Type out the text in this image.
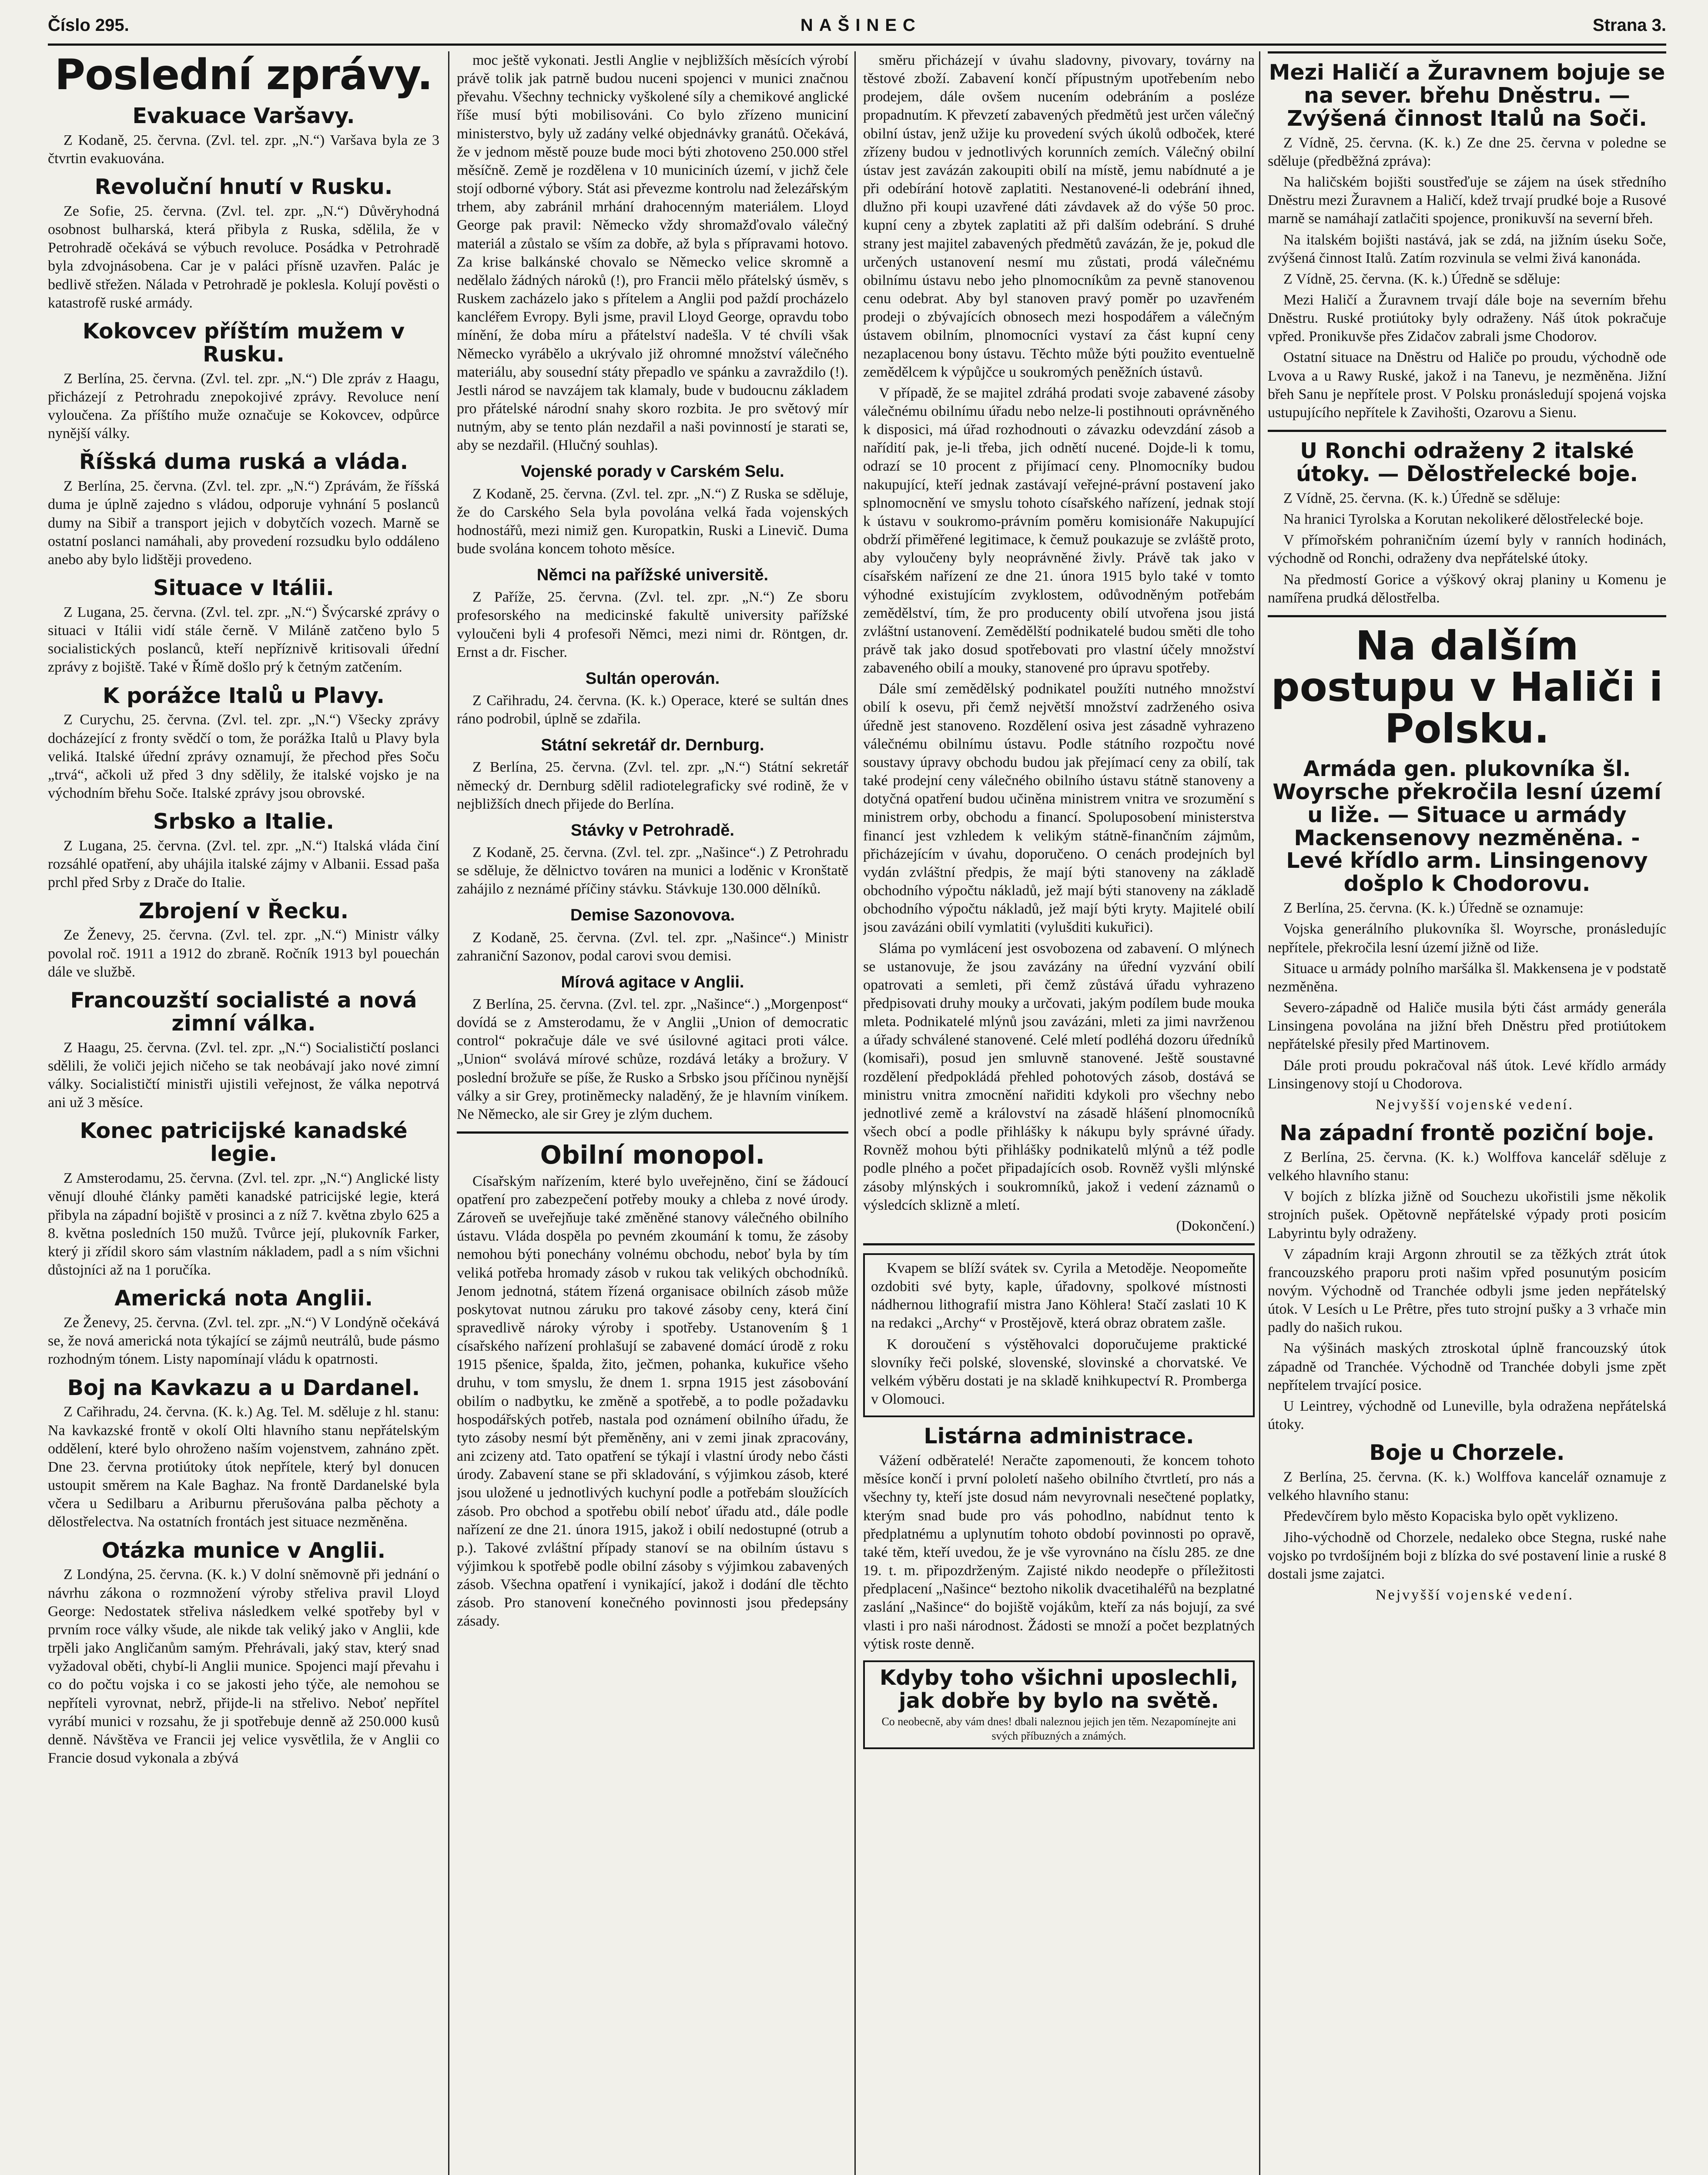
Číslo 295.	NAŠINEC	Strana 3.
Poslední zprávy.
Evakuace Varšavy.

Z Kodaně, 25. června. (Zvl. tel. zpr. „N.“) Varšava byla ze 3 čtvrtin evakuována.

Revoluční hnutí v Rusku.

Ze Sofie, 25. června. (Zvl. tel. zpr. „N.“) Důvěryhodná osobnost bulharská, která přibyla z Ruska, sdělila, že v Petrohradě očekává se výbuch revoluce. Posádka v Petrohradě byla zdvojnásobena. Car je v paláci přísně uzavřen. Palác je bedlivě střežen. Nálada v Petrohradě je poklesla. Kolují pověsti o katastrofě ruské armády.

Kokovcev příštím mužem v Rusku.

Z Berlína, 25. června. (Zvl. tel. zpr. „N.“) Dle zpráv z Haagu, přicházejí z Petrohradu znepokojivé zprávy. Revoluce není vyloučena. Za příštího muže označuje se Kokovcev, odpůrce nynější války.

Říšská duma ruská a vláda.

Z Berlína, 25. června. (Zvl. tel. zpr. „N.“) Zprávám, že říšská duma je úplně zajedno s vládou, odporuje vyhnání 5 poslanců dumy na Sibiř a transport jejich v dobytčích vozech. Marně se ostatní poslanci namáhali, aby provedení rozsudku bylo oddáleno anebo aby bylo lidštěji provedeno.

Situace v Itálii.

Z Lugana, 25. června. (Zvl. tel. zpr. „N.“) Švýcarské zprávy o situaci v Itálii vidí stále černě. V Miláně zatčeno bylo 5 socialistických poslanců, kteří nepříznivě kritisovali úřední zprávy z bojiště. Také v Římě došlo prý k četným zatčením.

K porážce Italů u Plavy.

Z Curychu, 25. června. (Zvl. tel. zpr. „N.“) Všecky zprávy docházející z fronty svědčí o tom, že porážka Italů u Plavy byla veliká. Italské úřední zprávy oznamují, že přechod přes Soču „trvá“, ačkoli už před 3 dny sdělily, že italské vojsko je na východním břehu Soče. Italské zprávy jsou obrovské.

Srbsko a Italie.

Z Lugana, 25. června. (Zvl. tel. zpr. „N.“) Italská vláda činí rozsáhlé opatření, aby uhájila italské zájmy v Albanii. Essad paša prchl před Srby z Drače do Italie.

Zbrojení v Řecku.

Ze Ženevy, 25. června. (Zvl. tel. zpr. „N.“) Ministr války povolal roč. 1911 a 1912 do zbraně. Ročník 1913 byl pouechán dále ve službě.

Francouzští socialisté a nová zimní válka.

Z Haagu, 25. června. (Zvl. tel. zpr. „N.“) Socialističtí poslanci sdělili, že voliči jejich ničeho se tak neobávají jako nové zimní války. Socialističtí ministři ujistili veřejnost, že válka nepotrvá ani už 3 měsíce.

Konec patricijské kanadské legie.

Z Amsterodamu, 25. června. (Zvl. tel. zpr. „N.“) Anglické listy věnují dlouhé články paměti kanadské patricijské legie, která přibyla na západní bojiště v prosinci a z níž 7. května zbylo 625 a 8. května posledních 150 mužů. Tvůrce její, plukovník Farker, který ji zřídil skoro sám vlastním nákladem, padl a s ním všichni důstojníci až na 1 poručíka.

Americká nota Anglii.

Ze Ženevy, 25. června. (Zvl. tel. zpr. „N.“) V Londýně očekává se, že nová americká nota týkající se zájmů neutrálů, bude pásmo rozhodným tónem. Listy napomínají vládu k opatrnosti.

Boj na Kavkazu a u Dardanel.

Z Cařihradu, 24. června. (K. k.) Ag. Tel. M. sděluje z hl. stanu: Na kavkazské frontě v okolí Olti hlavního stanu nepřátelským oddělení, které bylo ohroženo naším vojenstvem, zahnáno zpět. Dne 23. června protiútoky útok nepřítele, který byl donucen ustoupit směrem na Kale Baghaz. Na frontě Dardanelské byla včera u Sedilbaru a Ariburnu přerušována palba pěchoty a dělostřelectva. Na ostatních frontách jest situace nezměněna.

Otázka munice v Anglii.

Z Londýna, 25. června. (K. k.) V dolní sněmovně při jednání o návrhu zákona o rozmnožení výroby střeliva pravil Lloyd George: Nedostatek střeliva následkem velké spotřeby byl v prvním roce války všude, ale nikde tak veliký jako v Anglii, kde trpěli jako Angličanům samým. Přehrávali, jaký stav, který snad vyžadoval oběti, chybí-li Anglii munice. Spojenci mají převahu i co do počtu vojska i co se jakosti jeho týče, ale nemohou se nepříteli vyrovnat, nebrž, přijde-li na střelivo. Neboť nepřítel vyrábí munici v rozsahu, že ji spotřebuje denně až 250.000 kusů denně. Návštěva ve Francii jej velice vysvětlila, že v Anglii co Francie dosud vykonala a zbývá

moc ještě vykonati. Jestli Anglie v nejbližších měsících výrobí právě tolik jak patrně budou nuceni spojenci v munici značnou převahu. Všechny technicky vyškolené síly a chemikové anglické říše musí býti mobilisováni. Co bylo zřízeno municiní ministerstvo, byly už zadány velké objednávky granátů. Očekává, že v jednom městě pouze bude moci býti zhotoveno 250.000 střel měsíčně. Země je rozdělena v 10 municiních území, v jichž čele stojí odborné výbory. Stát asi převezme kontrolu nad železářským trhem, aby zabránil mrhání drahocenným materiálem. Lloyd George pak pravil: Německo vždy shromažďovalo válečný materiál a zůstalo se vším za dobře, až byla s přípravami hotovo. Za krise balkánské chovalo se Německo velice skromně a nedělalo žádných nároků (!), pro Francii mělo přátelský úsměv, s Ruskem zacházelo jako s přítelem a Anglii pod paždí procházelo kancléřem Evropy. Byli jsme, pravil Lloyd George, opravdu tobo mínění, že doba míru a přátelství nadešla. V té chvíli však Německo vyrábělo a ukrývalo již ohromné množství válečného materiálu, aby sousední státy přepadlo ve spánku a zavraždilo (!). Jestli národ se navzájem tak klamaly, bude v budoucnu základem pro přátelské národní snahy skoro rozbita. Je pro světový mír nutným, aby se tento plán nezdařil a naši povinností je starati se, aby se nezdařil. (Hlučný souhlas).

Vojenské porady v Carském Selu.

Z Kodaně, 25. června. (Zvl. tel. zpr. „N.“) Z Ruska se sděluje, že do Carského Sela byla povolána velká řada vojenských hodnostářů, mezi nimiž gen. Kuropatkin, Ruski a Linevič. Duma bude svolána koncem tohoto měsíce.

Němci na pařížské universitě.

Z Paříže, 25. června. (Zvl. tel. zpr. „N.“) Ze sboru profesorského na medicinské fakultě university pařížské vyloučeni byli 4 profesoři Němci, mezi nimi dr. Röntgen, dr. Ernst a dr. Fischer.

Sultán operován.

Z Cařihradu, 24. června. (K. k.) Operace, které se sultán dnes ráno podrobil, úplně se zdařila.

Státní sekretář dr. Dernburg.

Z Berlína, 25. června. (Zvl. tel. zpr. „N.“) Státní sekretář německý dr. Dernburg sdělil radiotelegraficky své rodině, že v nejbližších dnech přijede do Berlína.

Stávky v Petrohradě.

Z Kodaně, 25. června. (Zvl. tel. zpr. „Našince“.) Z Petrohradu se sděluje, že dělnictvo továren na munici a loděnic v Kronštatě zahájilo z neznámé příčiny stávku. Stávkuje 130.000 dělníků.

Demise Sazonovova.

Z Kodaně, 25. června. (Zvl. tel. zpr. „Našince“.) Ministr zahraniční Sazonov, podal carovi svou demisi.

Mírová agitace v Anglii.

Z Berlína, 25. června. (Zvl. tel. zpr. „Našince“.) „Morgenpost“ dovídá se z Amsterodamu, že v Anglii „Union of democratic control“ pokračuje dále ve své úsilovné agitaci proti válce. „Union“ svolává mírové schůze, rozdává letáky a brožury. V poslední brožuře se píše, že Rusko a Srbsko jsou příčinou nynější války a sir Grey, protiněmecky naladěný, že je hlavním viníkem. Ne Německo, ale sir Grey je zlým duchem.

Obilní monopol.

Císařským nařízením, které bylo uveřejněno, činí se žádoucí opatření pro zabezpečení potřeby mouky a chleba z nové úrody. Zároveň se uveřejňuje také změněné stanovy válečného obilního ústavu. Vláda dospěla po pevném zkoumání k tomu, že zásoby nemohou býti ponechány volnému obchodu, neboť byla by tím veliká potřeba hromady zásob v rukou tak velikých obchodníků. Jenom jednotná, státem řízená organisace obilních zásob může poskytovat nutnou záruku pro takové zásoby ceny, která činí spravedlivě nároky výroby i spotřeby. Ustanovením § 1 císařského nařízení prohlašují se zabavené domácí úrodě z roku 1915 pšenice, špalda, žito, ječmen, pohanka, kukuřice všeho druhu, v tom smyslu, že dnem 1. srpna 1915 jest zásobování obilím o nadbytku, ke změně a spotřebě, a to podle požadavku hospodářských potřeb, nastala pod oznámení obilního úřadu, že tyto zásoby nesmí být přeměněny, ani v zemi jinak zpracovány, ani zcizeny atd. Tato opatření se týkají i vlastní úrody nebo části úrody. Zabavení stane se při skladování, s výjimkou zásob, které jsou uložené u jednotlivých kuchyní podle a potřebám sloužících zásob. Pro obchod a spotřebu obilí neboť úřadu atd., dále podle nařízení ze dne 21. února 1915, jakož i obilí nedostupné (otrub a p.). Takové zvláštní případy stanoví se na obilním ústavu s výjimkou k spotřebě podle obilní zásoby s výjimkou zabavených zásob. Všechna opatření i vynikající, jakož i dodání dle těchto zásob. Pro stanovení konečného povinnosti jsou předepsány zásady.

směru přicházejí v úvahu sladovny, pivovary, továrny na těstové zboží. Zabavení končí přípustným upotřebením nebo prodejem, dále ovšem nucením odebráním a posléze propadnutím. K převzetí zabavených předmětů jest určen válečný obilní ústav, jenž užije ku provedení svých úkolů odboček, které zřízeny budou v jednotlivých korunních zemích. Válečný obilní ústav jest zavázán zakoupiti obilí na místě, jemu nabídnuté a je při odebírání hotově zaplatiti. Nestanovené-li odebrání ihned, dlužno při koupi uzavřené dáti závdavek až do výše 50 proc. kupní ceny a zbytek zaplatiti až při dalším odebrání. S druhé strany jest majitel zabavených předmětů zavázán, že je, pokud dle určených ustanovení nesmí mu zůstati, prodá válečnému obilnímu ústavu nebo jeho plnomocníkům za pevně stanovenou cenu odebrat. Aby byl stanoven pravý poměr po uzavřeném prodeji o zbývajících obnosech mezi hospodářem a válečným ústavem obilním, plnomocníci vystaví za část kupní ceny nezaplacenou bony ústavu. Těchto může býti použito eventuelně zemědělcem k výpůjčce u soukromých peněžních ústavů.

V případě, že se majitel zdráhá prodati svoje zabavené zásoby válečnému obilnímu úřadu nebo nelze-li postihnouti oprávněného k disposici, má úřad rozhodnouti o závazku odevzdání zásob a nařídití pak, je-li třeba, jich odnětí nucené. Dojde-li k tomu, odrazí se 10 procent z přijímací ceny. Plnomocníky budou nakupující, kteří jednak zastávají veřejné-právní postavení jako splnomocnění ve smyslu tohoto císařského nařízení, jednak stojí k ústavu v soukromo-právním poměru komisionáře Nakupující obdrží přiměřené legitimace, k čemuž poukazuje se zvláště proto, aby vyloučeny byly neoprávněné živly. Právě tak jako v císařském nařízení ze dne 21. února 1915 bylo také v tomto výhodné existujícím zvyklostem, odůvodněným potřebám zemědělství, tím, že pro producenty obilí utvořena jsou jistá zvláštní ustanovení. Zemědělští podnikatelé budou směti dle toho právě tak jako dosud spotřebovati pro vlastní účely množství zabaveného obilí a mouky, stanovené pro úpravu spotřeby.

Dále smí zemědělský podnikatel použíti nutného množství obilí k osevu, při čemž největší množství zadrženého osiva úředně jest stanoveno. Rozdělení osiva jest zásadně vyhrazeno válečnému obilnímu ústavu. Podle státního rozpočtu nové soustavy úpravy obchodu budou jak přejímací ceny za obilí, tak také prodejní ceny válečného obilního ústavu státně stanoveny a dotyčná opatření budou učiněna ministrem vnitra ve srozumění s ministrem orby, obchodu a financí. Spoluposobení ministerstva financí jest vzhledem k velikým státně-finančním zájmům, přicházejícím v úvahu, doporučeno. O cenách prodejních byl vydán zvláštní předpis, že mají býti stanoveny na základě obchodního výpočtu nákladů, jež mají býti stanoveny na základě obchodního výpočtu nákladů, jež mají býti kryty. Majitelé obilí jsou zavázáni obilí vymlatiti (vylušditi kukuřici).

Sláma po vymlácení jest osvobozena od zabavení. O mlýnech se ustanovuje, že jsou zavázány na úřední vyzvání obilí opatrovati a semleti, při čemž zůstává úřadu vyhrazeno předpisovati druhy mouky a určovati, jakým podílem bude mouka mleta. Podnikatelé mlýnů jsou zavázáni, mleti za jimi navrženou a úřady schválené stanovené. Celé mletí podléhá dozoru úředníků (komisaři), posud jen smluvně stanovené. Ještě soustavné rozdělení předpokládá přehled pohotových zásob, dostává se ministru vnitra zmocnění nařiditi kdykoli pro všechny nebo jednotlivé země a království na zásadě hlášení plnomocníků všech obcí a podle přihlášky k nákupu byly správné úřady. Rovněž mohou býti přihlášky podnikatelů mlýnů a též podle podle plného a počet připadajících osob. Rovněž vyšli mlýnské zásoby mlýnských i soukromníků, jakož i vedení záznamů o výsledcích sklizně a mletí.

(Dokončení.)

Kvapem se blíží svátek sv. Cyrila a Metoděje. Neopomeňte ozdobiti své byty, kaple, úřadovny, spolkové místnosti nádhernou lithografií mistra Jano Köhlera! Stačí zaslati 10 K na redakci „Archy“ v Prostějově, která obraz obratem zašle.

K doroučení s výstěhovalci doporučujeme praktické slovníky řeči polské, slovenské, slovinské a chorvatské. Ve velkém výběru dostati je na skladě knihkupectví R. Promberga v Olomouci.

Listárna administrace.

Vážení odběratelé! Neračte zapomenouti, že koncem tohoto měsíce končí i první pololetí našeho obilního čtvrtletí, pro nás a všechny ty, kteří jste dosud nám nevyrovnali nesečtené poplatky, kterým snad bude pro vás pohodlno, nabídnut tento k předplatnému a uplynutím tohoto období povinnosti po opravě, také těm, kteří uvedou, že je vše vyrovnáno na číslu 285. ze dne 19. t. m. připozdrženým. Zajisté nikdo neodepře o příležitosti předplacení „Našince“ beztoho nikolik dvacetihaléřů na bezplatné zaslání „Našince“ do bojiště vojákům, kteří za nás bojují, za své vlasti i pro naši národnost. Žádosti se množí a počet bezplatných výtisk roste denně.

Kdyby toho všichni uposlechli, jak dobře by bylo na světě.

Co neobecně, aby vám dnes! dbali naleznou jejich jen těm. Nezapomínejte ani svých příbuzných a známých.

Mezi Haličí a Žuravnem bojuje se na sever. břehu Dněstru. — Zvýšená činnost Italů na Soči.

Z Vídně, 25. června. (K. k.) Ze dne 25. června v poledne se sděluje (předběžná zpráva):

Na haličském bojišti soustřeďuje se zájem na úsek středního Dněstru mezi Žuravnem a Haličí, kdež trvají prudké boje a Rusové marně se namáhají zatlačiti spojence, pronikuvší na severní břeh.

Na italském bojišti nastává, jak se zdá, na jižním úseku Soče, zvýšená činnost Italů. Zatím rozvinula se velmi živá kanonáda.

Z Vídně, 25. června. (K. k.) Úředně se sděluje:

Mezi Haličí a Žuravnem trvají dále boje na severním břehu Dněstru. Ruské protiútoky byly odraženy. Náš útok pokračuje vpřed. Pronikuvše přes Zidačov zabrali jsme Chodorov.

Ostatní situace na Dněstru od Haliče po proudu, východně ode Lvova a u Rawy Ruské, jakož i na Tanevu, je nezměněna. Jižní břeh Sanu je nepřítele prost. V Polsku pronásledují spojená vojska ustupujícího nepřítele k Zavihošti, Ozarovu a Sienu.

U Ronchi odraženy 2 italské útoky. — Dělostřelecké boje.

Z Vídně, 25. června. (K. k.) Úředně se sděluje:

Na hranici Tyrolska a Korutan nekolikeré dělostřelecké boje.

V přímořském pohraničním území byly v ranních hodinách, východně od Ronchi, odraženy dva nepřátelské útoky.

Na předmostí Gorice a výškový okraj planiny u Komenu je namířena prudká dělostřelba.

Na dalším postupu v Haliči i Polsku.
Armáda gen. plukovníka šl. Woyrsche překročila lesní území u Iiže. — Situace u armády Mackensenovy nezměněna. - Levé křídlo arm. Linsingenovy došplo k Chodorovu.

Z Berlína, 25. června. (K. k.) Úředně se oznamuje:

Vojska generálního plukovníka šl. Woyrsche, pronásledujíc nepřítele, překročila lesní území jižně od Iiže.

Situace u armády polního maršálka šl. Makkensena je v podstatě nezměněna.

Severo-západně od Haliče musila býti část armády generála Linsingena povolána na jižní břeh Dněstru před protiútokem nepřátelské přesily před Martinovem.

Dále proti proudu pokračoval náš útok. Levé křídlo armády Linsingenovy stojí u Chodorova.

Nejvyšší vojenské vedení.

Na západní frontě poziční boje.

Z Berlína, 25. června. (K. k.) Wolffova kancelář sděluje z velkého hlavního stanu:

V bojích z blízka jižně od Souchezu ukořistili jsme několik strojních pušek. Opětovně nepřátelské výpady proti posicím Labyrintu byly odraženy.

V západním kraji Argonn zhroutil se za těžkých ztrát útok francouzského praporu proti našim vpřed posunutým posicím novým. Východně od Tranchée odbyli jsme jeden nepřátelský útok. V Lesích u Le Prêtre, přes tuto strojní pušky a 3 vrhače min padly do našich rukou.

Na výšinách maských ztroskotal úplně francouzský útok západně od Tranchée. Východně od Tranchée dobyli jsme zpět nepřítelem trvající posice.

U Leintrey, východně od Luneville, byla odražena nepřátelská útoky.

Boje u Chorzele.

Z Berlína, 25. června. (K. k.) Wolffova kancelář oznamuje z velkého hlavního stanu:

Předevčírem bylo město Kopaciska bylo opět vyklizeno.

Jiho-východně od Chorzele, nedaleko obce Stegna, ruské nahe vojsko po tvrdošíjném boji z blízka do své postavení linie a ruské 8 dostali jsme zajatci.

Nejvyšší vojenské vedení.
